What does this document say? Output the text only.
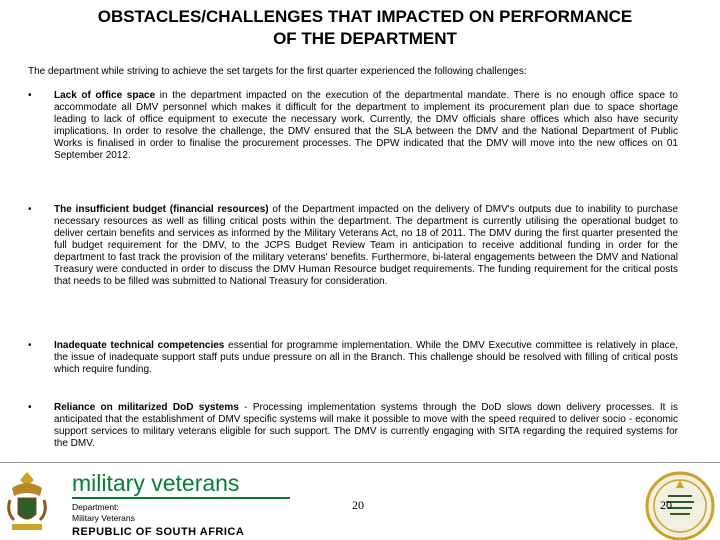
OBSTACLES/CHALLENGES THAT IMPACTED ON PERFORMANCE
OF THE DEPARTMENT
The department while striving to achieve the set targets for the first quarter experienced the following challenges:
•	Lack of office space in the department impacted on the execution of the departmental mandate. There is no enough office space to accommodate all DMV personnel which makes it difficult for the department to implement its procurement plan due to space shortage leading to lack of office equipment to execute the necessary work. Currently, the DMV officials share offices which also have security implications. In order to resolve the challenge, the DMV ensured that the SLA between the DMV and the National Department of Public Works is finalised in order to finalise the procurement processes. The DPW indicated that the DMV will move into the new offices on 01 September 2012.
•	The insufficient budget (financial resources) of the Department impacted on the delivery of DMV's outputs due to inability to purchase necessary resources as well as filling critical posts within the department. The department is currently utilising the operational budget to deliver certain benefits and services as informed by the Military Veterans Act, no 18 of 2011. The DMV during the first quarter presented the full budget requirement for the DMV, to the JCPS Budget Review Team in anticipation to receive additional funding in order for the department to fast track the provision of the military veterans' benefits. Furthermore, bi-lateral engagements between the DMV and National Treasury were conducted in order to discuss the DMV Human Resource budget requirements. The funding requirement for the critical posts that needs to be filled was submitted to National Treasury for consideration.
•	Inadequate technical competencies essential for programme implementation. While the DMV Executive committee is relatively in place, the issue of inadequate support staff puts undue pressure on all in the Branch. This challenge should be resolved with filling of critical posts which require funding.
•	Reliance on militarized DoD systems - Processing implementation systems through the DoD slows down delivery processes. It is anticipated that the establishment of DMV specific systems will make it possible to move with the speed required to deliver socio - economic support services to military veterans eligible for such support. The DMV is currently engaging with SITA regarding the required systems for the DMV.
military veterans
Department:
Military Veterans
REPUBLIC OF SOUTH AFRICA
20	20
